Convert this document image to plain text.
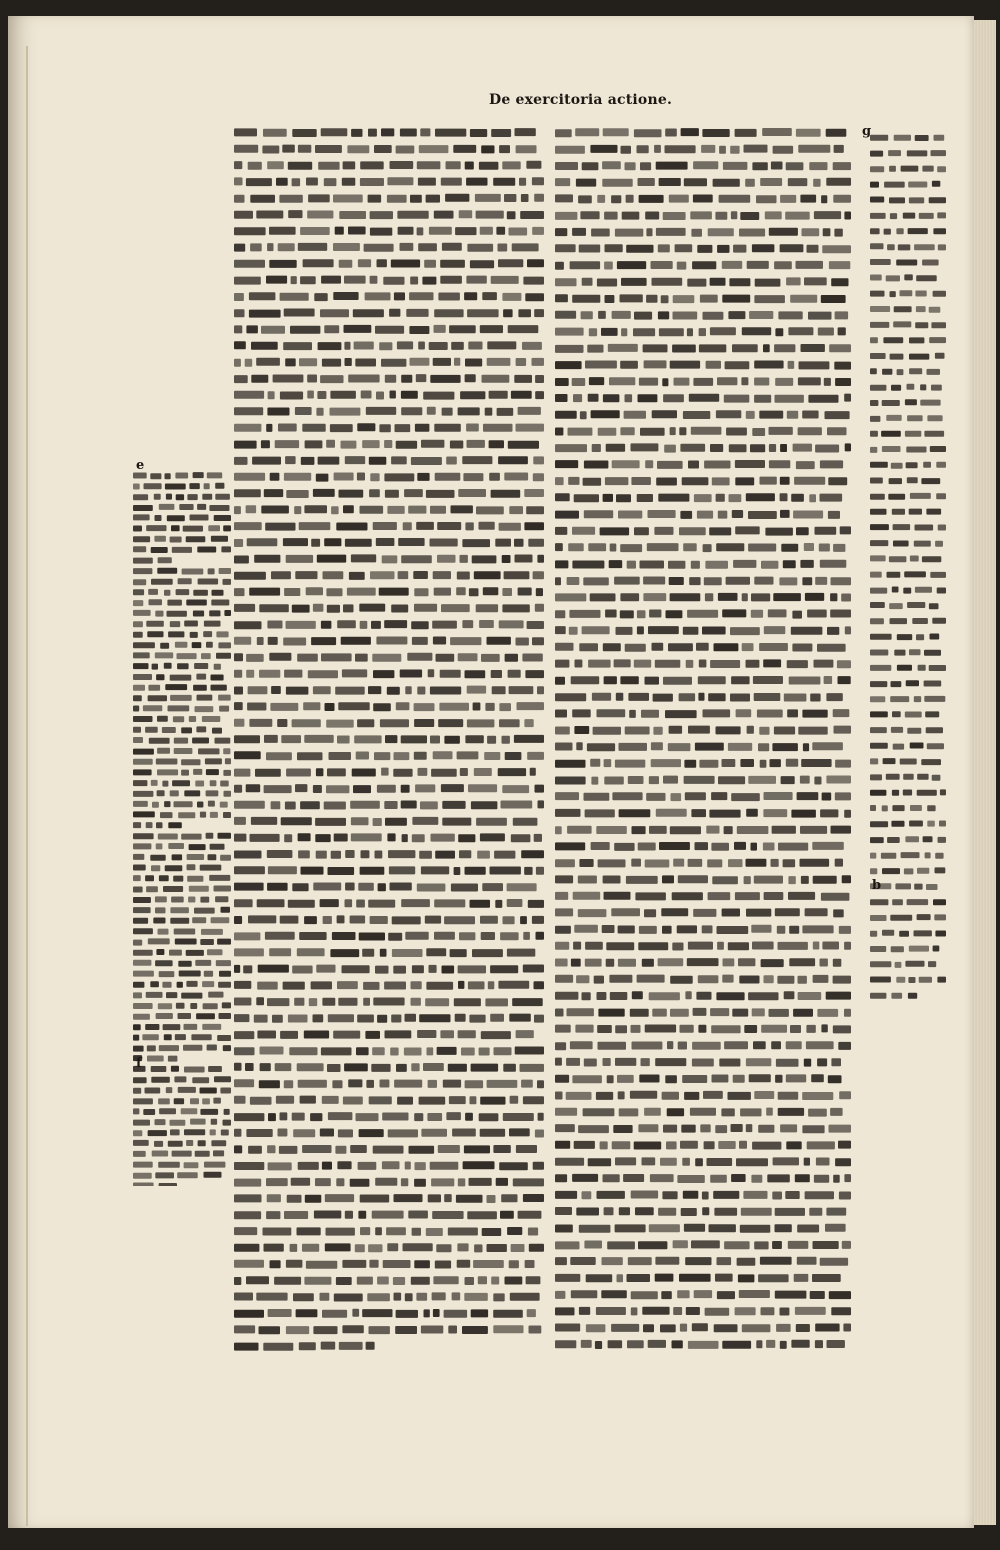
De exercitoria actione.
e
f
g
b
